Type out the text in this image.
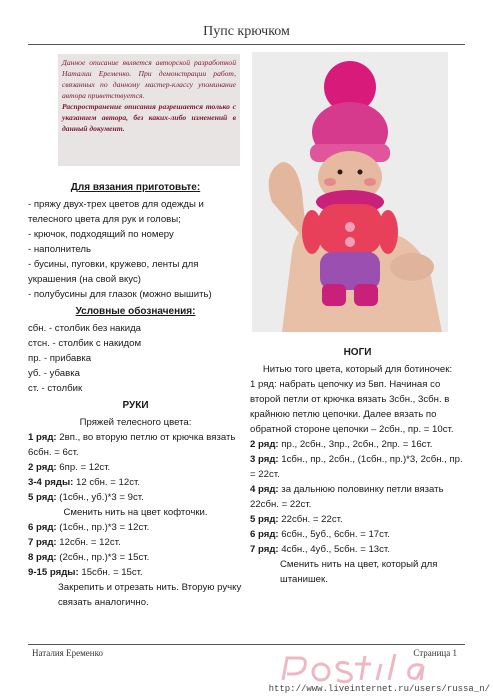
Пупс крючком

Данное описание является авторской разработкой Наталии Еременко. При демонстрации работ, связанных по данному мастер-классу упоминание автора приветствуется.

Распространение описания разрешается только с указанием автора, без каких-либо изменений в данный документ.

Для вязания приготовьте:
- пряжу двух-трех цветов для одежды и телесного цвета для рук и головы;
- крючок, подходящий по номеру
- наполнитель
- бусины, пуговки, кружево, ленты для украшения (на свой вкус)
- полубусины для глазок (можно вышить)
Условные обозначения:
сбн. - столбик без накида
стсн. - столбик с накидом
пр. - прибавка
уб. - убавка
ст. - столбик
РУКИ
Пряжей телесного цвета:
1 ряд: 2вп., во вторую петлю от крючка вязать 6сбн. = 6ст.
2 ряд: 6пр. = 12ст.
3-4 ряды: 12 сбн. = 12ст.
5 ряд: (1сбн., уб.)*3 = 9ст.
Сменить нить на цвет кофточки.
6 ряд: (1сбн., пр.)*3 = 12ст.
7 ряд: 12сбн. = 12ст.
8 ряд: (2сбн., пр.)*3 = 15ст.
9-15 ряды: 15сбн. = 15ст.
Закрепить и отрезать нить. Вторую ручку связать аналогично.
НОГИ
Нитью того цвета, который для ботиночек:
1 ряд: набрать цепочку из 5вп. Начиная со второй петли от крючка вязать 3сбн., 3сбн. в крайнюю петлю цепочки. Далее вязать по обратной стороне цепочки – 2сбн., пр. = 10ст.
2 ряд: пр., 2сбн., 3пр., 2сбн., 2пр. = 16ст.
3 ряд: 1сбн., пр., 2сбн., (1сбн., пр.)*3, 2сбн., пр. = 22ст.
4 ряд: за дальнюю половинку петли вязать 22сбн. = 22ст.
5 ряд: 22сбн. = 22ст.
6 ряд: 6сбн., 5уб., 6сбн. = 17ст.
7 ряд: 4сбн., 4уб., 5сбн. = 13ст.
Сменить нить на цвет, который для штанишек.
Наталия Еременко	Страница 1
Postila
http://www.liveinternet.ru/users/russa_n/
